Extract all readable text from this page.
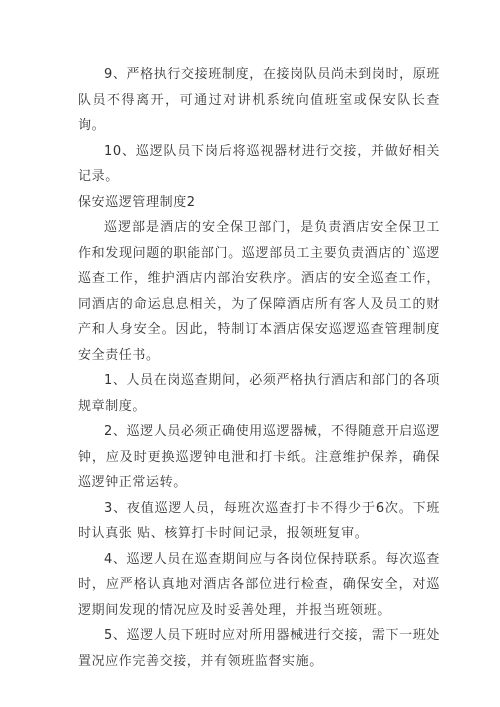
9、严格执行交接班制度，在接岗队员尚未到岗时，原班队员不得离开，可通过对讲机系统向值班室或保安队长查询。

10、巡逻队员下岗后将巡视器材进行交接，并做好相关记录。

保安巡逻管理制度2

巡逻部是酒店的安全保卫部门，是负责酒店安全保卫工作和发现问题的职能部门。巡逻部员工主要负责酒店的`巡逻巡查工作，维护酒店内部治安秩序。酒店的安全巡查工作，同酒店的命运息息相关，为了保障酒店所有客人及员工的财产和人身安全。因此，特制订本酒店保安巡逻巡查管理制度安全责任书。

1、人员在岗巡查期间，必须严格执行酒店和部门的各项规章制度。

2、巡逻人员必须正确使用巡逻器械，不得随意开启巡逻钟，应及时更换巡逻钟电泄和打卡纸。注意维护保养，确保巡逻钟正常运转。

3、夜值巡逻人员，每班次巡查打卡不得少于6次。下班时认真张 贴、核算打卡时间记录，报领班复审。

4、巡逻人员在巡查期间应与各岗位保持联系。每次巡查时，应严格认真地对酒店各部位进行检查，确保安全，对巡逻期间发现的情况应及时妥善处理，并报当班领班。

5、巡逻人员下班时应对所用器械进行交接，需下一班处置况应作完善交接，并有领班监督实施。
